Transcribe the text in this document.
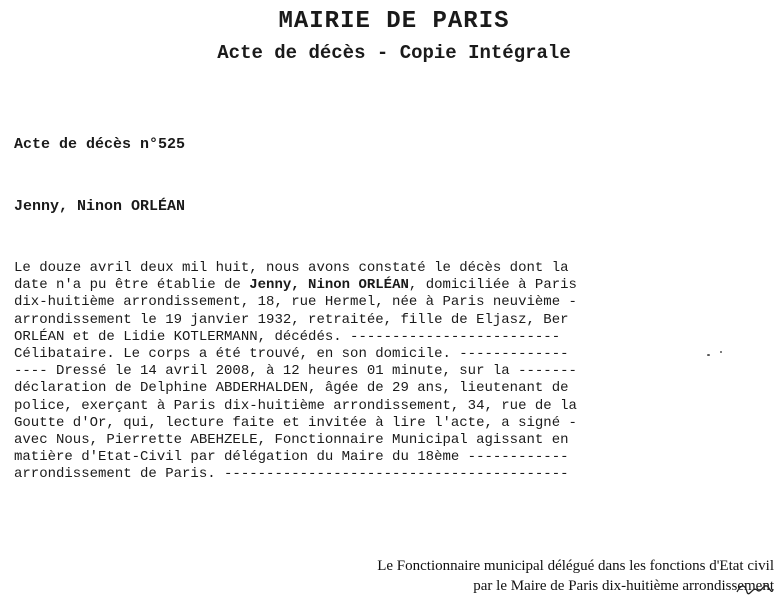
MAIRIE DE PARIS
Acte de décès - Copie Intégrale
Acte de décès n°525
Jenny, Ninon ORLÉAN
Le douze avril deux mil huit, nous avons constaté le décès dont la
date n'a pu être établie de Jenny, Ninon ORLÉAN, domiciliée à Paris
dix-huitième arrondissement, 18, rue Hermel, née à Paris neuvième -
arrondissement le 19 janvier 1932, retraitée, fille de Eljasz, Ber
ORLÉAN et de Lidie KOTLERMANN, décédés. -------------------------
Célibataire. Le corps a été trouvé, en son domicile. -------------
---- Dressé le 14 avril 2008, à 12 heures 01 minute, sur la -------
déclaration de Delphine ABDERHALDEN, âgée de 29 ans, lieutenant de
police, exerçant à Paris dix-huitième arrondissement, 34, rue de la
Goutte d'Or, qui, lecture faite et invitée à lire l'acte, a signé -
avec Nous, Pierrette ABEHZELE, Fonctionnaire Municipal agissant en
matière d'Etat-Civil par délégation du Maire du 18ème ------------
arrondissement de Paris. -----------------------------------------
Le Fonctionnaire municipal délégué dans les fonctions d'Etat civil
par le Maire de Paris dix-huitième arrondissement
